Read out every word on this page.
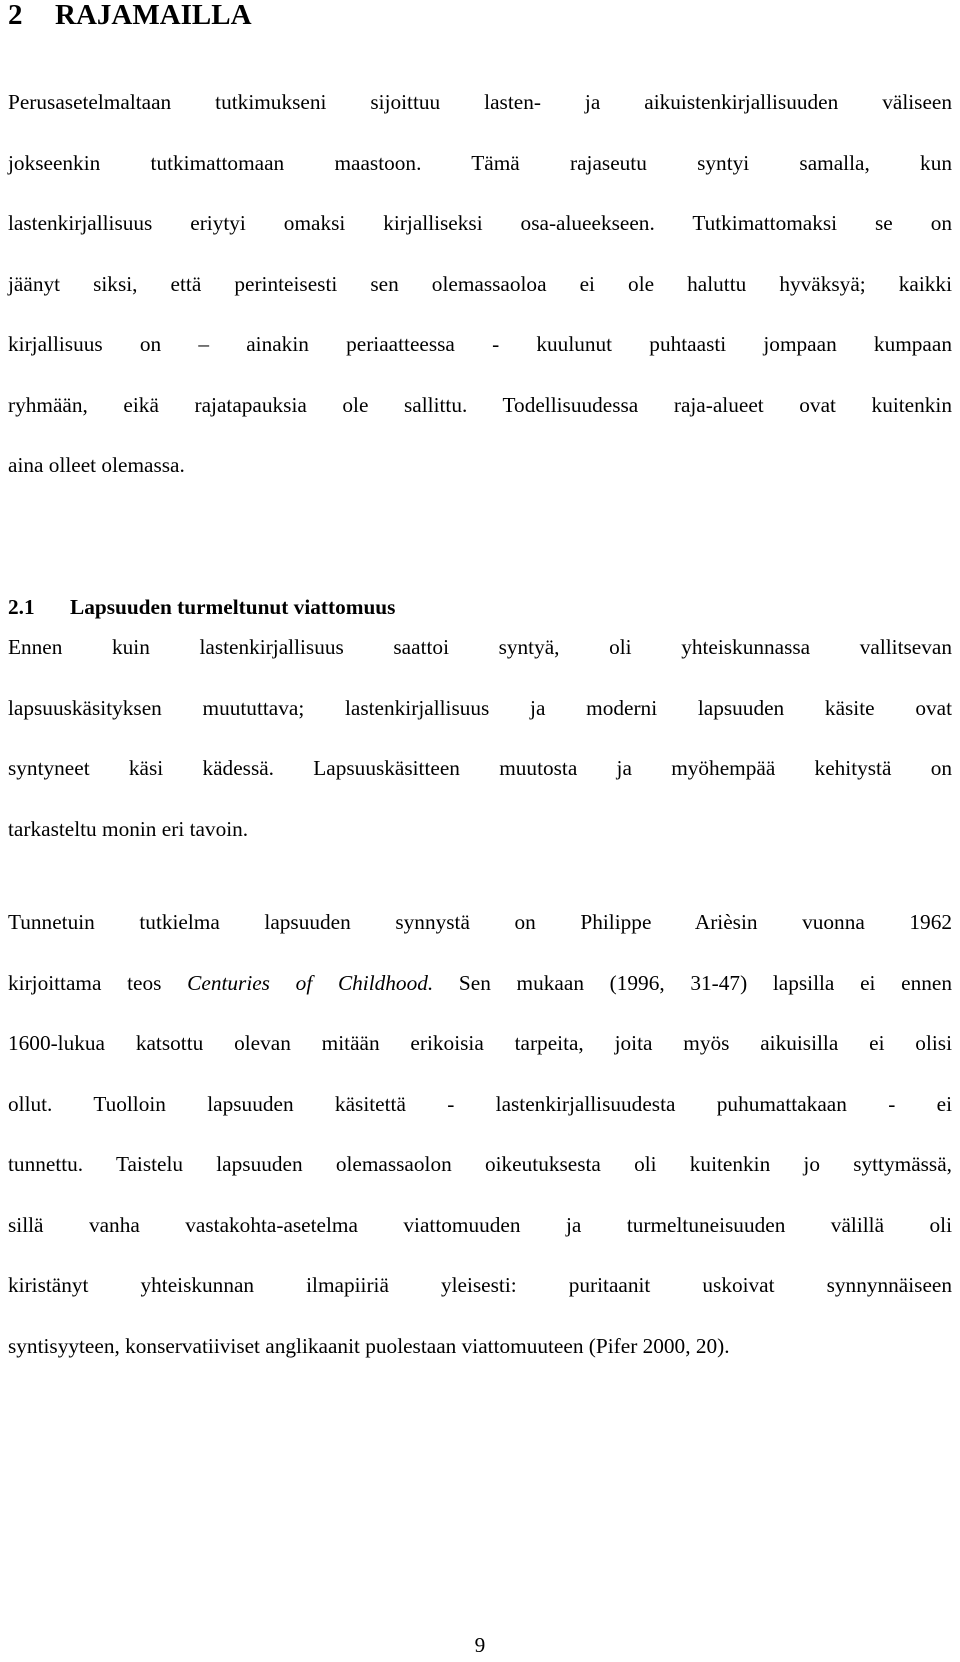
2 RAJAMAILLA
Perusasetelmaltaan tutkimukseni sijoittuu lasten- ja aikuistenkirjallisuuden väliseen
jokseenkin tutkimattomaan maastoon. Tämä rajaseutu syntyi samalla, kun
lastenkirjallisuus eriytyi omaksi kirjalliseksi osa-alueekseen. Tutkimattomaksi se on
jäänyt siksi, että perinteisesti sen olemassaoloa ei ole haluttu hyväksyä; kaikki
kirjallisuus on – ainakin periaatteessa - kuulunut puhtaasti jompaan kumpaan
ryhmään, eikä rajatapauksia ole sallittu. Todellisuudessa raja-alueet ovat kuitenkin
aina olleet olemassa.
2.1 Lapsuuden turmeltunut viattomuus
Ennen kuin lastenkirjallisuus saattoi syntyä, oli yhteiskunnassa vallitsevan
lapsuuskäsityksen muututtava; lastenkirjallisuus ja moderni lapsuuden käsite ovat
syntyneet käsi kädessä. Lapsuuskäsitteen muutosta ja myöhempää kehitystä on
tarkasteltu monin eri tavoin.
Tunnetuin tutkielma lapsuuden synnystä on Philippe Arièsin vuonna 1962
kirjoittama teos Centuries of Childhood. Sen mukaan (1996, 31-47) lapsilla ei ennen
1600-lukua katsottu olevan mitään erikoisia tarpeita, joita myös aikuisilla ei olisi
ollut. Tuolloin lapsuuden käsitettä - lastenkirjallisuudesta puhumattakaan - ei
tunnettu. Taistelu lapsuuden olemassaolon oikeutuksesta oli kuitenkin jo syttymässä,
sillä vanha vastakohta-asetelma viattomuuden ja turmeltuneisuuden välillä oli
kiristänyt yhteiskunnan ilmapiiriä yleisesti: puritaanit uskoivat synnynnäiseen
syntisyyteen, konservatiiviset anglikaanit puolestaan viattomuuteen (Pifer 2000, 20).
9
